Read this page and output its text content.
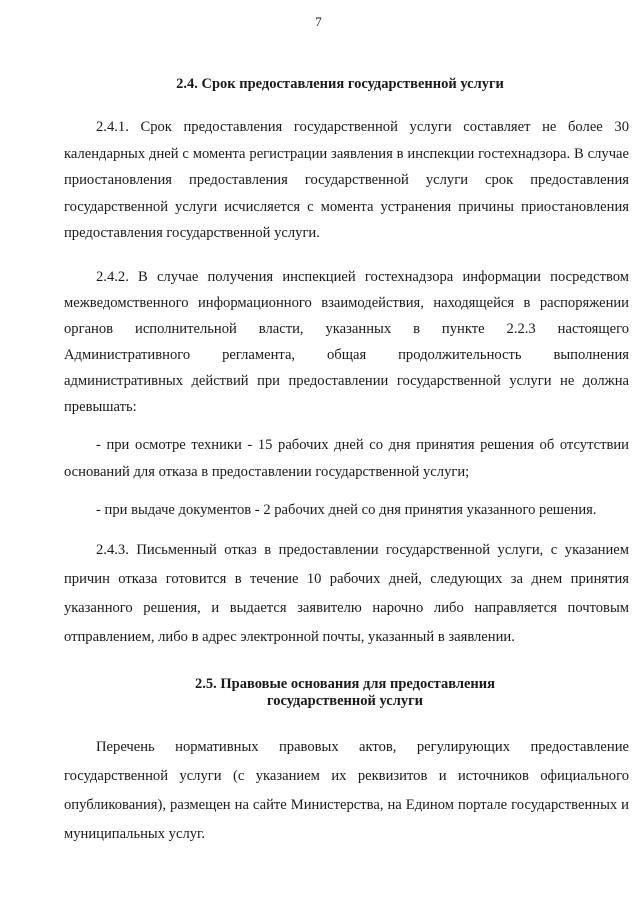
7
2.4. Срок предоставления государственной услуги

2.4.1. Срок предоставления государственной услуги составляет не более 30 календарных дней с момента регистрации заявления в инспекции гостехнадзора. В случае приостановления предоставления государственной услуги срок предоставления государственной услуги исчисляется с момента устранения причины приостановления предоставления государственной услуги.

2.4.2. В случае получения инспекцией гостехнадзора информации посредством межведомственного информационного взаимодействия, находящейся в распоряжении органов исполнительной власти, указанных в пункте 2.2.3 настоящего Административного регламента, общая продолжительность выполнения административных действий при предоставлении государственной услуги не должна превышать:

- при осмотре техники - 15 рабочих дней со дня принятия решения об отсутствии оснований для отказа в предоставлении государственной услуги;

- при выдаче документов - 2 рабочих дней со дня принятия указанного решения.

2.4.3. Письменный отказ в предоставлении государственной услуги, с указанием причин отказа готовится в течение 10 рабочих дней, следующих за днем принятия указанного решения, и выдается заявителю нарочно либо направляется почтовым отправлением, либо в адрес электронной почты, указанный в заявлении.

2.5. Правовые основания для предоставления
государственной услуги

Перечень нормативных правовых актов, регулирующих предоставление государственной услуги (с указанием их реквизитов и источников официального опубликования), размещен на сайте Министерства, на Едином портале государственных и муниципальных услуг.
